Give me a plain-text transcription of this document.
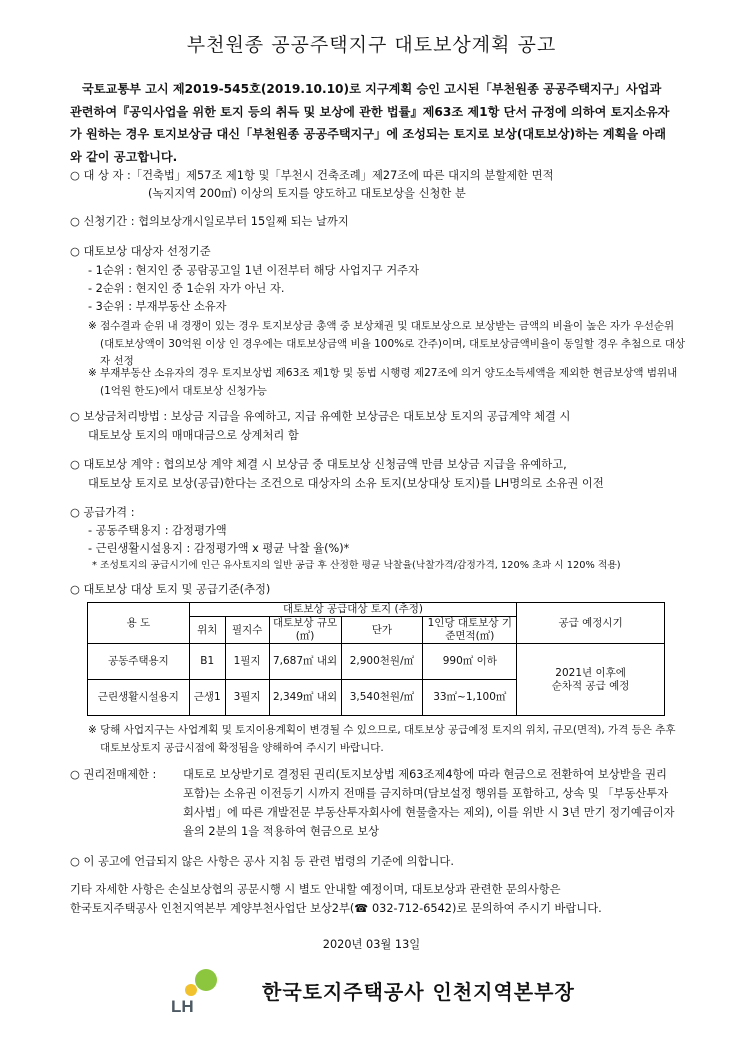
부천원종 공공주택지구 대토보상계획 공고

국토교통부 고시 제2019-545호(2019.10.10)로 지구계획 승인 고시된「부천원종 공공주택지구」사업과 관련하여『공익사업을 위한 토지 등의 취득 및 보상에 관한 법률』제63조 제1항 단서 규정에 의하여 토지소유자가 원하는 경우 토지보상금 대신「부천원종 공공주택지구」에 조성되는 토지로 보상(대토보상)하는 계획을 아래와 같이 공고합니다.

○ 대 상 자 :「건축법」제57조 제1항 및「부천시 건축조례」제27조에 따른 대지의 분할제한 면적
(녹지지역 200㎡) 이상의 토지를 양도하고 대토보상을 신청한 분
○ 신청기간 : 협의보상개시일로부터 15일째 되는 날까지
○ 대토보상 대상자 선정기준
- 1순위 : 현지인 중 공람공고일 1년 이전부터 해당 사업지구 거주자
- 2순위 : 현지인 중 1순위 자가 아닌 자.
- 3순위 : 부재부동산 소유자

※ 점수결과 순위 내 경쟁이 있는 경우 토지보상금 총액 중 보상채권 및 대토보상으로 보상받는 금액의 비율이 높은 자가 우선순위(대토보상액이 30억원 이상 인 경우에는 대토보상금액 비율 100%로 간주)이며, 대토보상금액비율이 동일할 경우 추첨으로 대상자 선정

※ 부재부동산 소유자의 경우 토지보상법 제63조 제1항 및 동법 시행령 제27조에 의거 양도소득세액을 제외한 현금보상액 범위내(1억원 한도)에서 대토보상 신청가능

○ 보상금처리방법 : 보상금 지급을 유예하고, 지급 유예한 보상금은 대토보상 토지의 공급계약 체결 시
대토보상 토지의 매매대금으로 상계처리 함
○ 대토보상 계약 : 협의보상 계약 체결 시 보상금 중 대토보상 신청금액 만큼 보상금 지급을 유예하고,
대토보상 토지로 보상(공급)한다는 조건으로 대상자의 소유 토지(보상대상 토지)를 LH명의로 소유권 이전
○ 공급가격 :
- 공동주택용지 : 감정평가액
- 근린생활시설용지 : 감정평가액 x 평균 낙찰 율(%)*
* 조성토지의 공급시기에 인근 유사토지의 일반 공급 후 산정한 평균 낙찰율(낙찰가격/감정가격, 120% 초과 시 120% 적용)
○ 대토보상 대상 토지 및 공급기준(추정)
용 도	대토보상 공급대상 토지 (추정)					공급 예정시기
	위치	필지수	대토보상 규모(㎡)	단가	1인당 대토보상 기준면적(㎡)	
공동주택용지	B1	1필지	7,687㎡ 내외	2,900천원/㎡	990㎡ 이하	2021년 이후에
순차적 공급 예정

근린생활시설용지	근생1	3필지	2,349㎡ 내외	3,540천원/㎡	33㎡~1,100㎡	

※ 당해 사업지구는 사업계획 및 토지이용계획이 변경될 수 있으므로, 대토보상 공급예정 토지의 위치, 규모(면적), 가격 등은 추후 대토보상토지 공급시점에 확정됨을 양해하여 주시기 바랍니다.

○ 권리전매제한 : 대토로 보상받기로 결정된 권리(토지보상법 제63조제4항에 따라 현금으로 전환하여 보상받을 권리 포함)는 소유권 이전등기 시까지 전매를 금지하며(담보설정 행위를 포함하고, 상속 및 「부동산투자회사법」에 따른 개발전문 부동산투자회사에 현물출자는 제외), 이를 위반 시 3년 만기 정기예금이자율의 2분의 1을 적용하여 현금으로 보상

○ 이 공고에 언급되지 않은 사항은 공사 지침 등 관련 법령의 기준에 의합니다.
기타 자세한 사항은 손실보상협의 공문시행 시 별도 안내할 예정이며, 대토보상과 관련한 문의사항은
한국토지주택공사 인천지역본부 계양부천사업단 보상2부(☎ 032-712-6542)로 문의하여 주시기 바랍니다.
2020년 03월 13일
LH
한국토지주택공사 인천지역본부장
